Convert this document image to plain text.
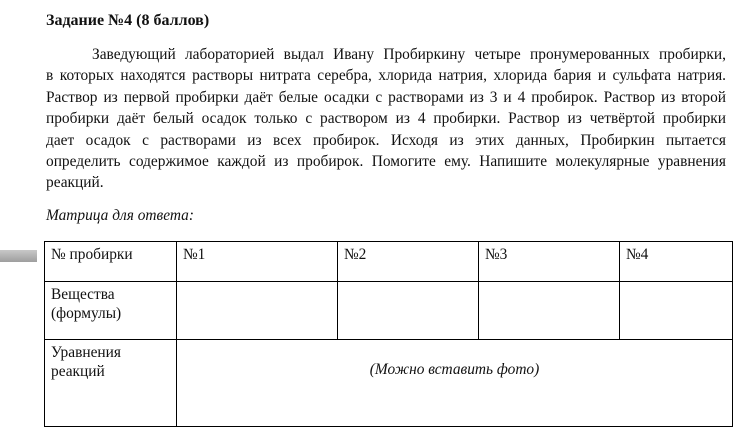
Задание №4 (8 баллов)
Заведующий лабораторией выдал Ивану Пробиркину четыре пронумерованных пробирки,
в которых находятся растворы нитрата серебра, хлорида натрия, хлорида бария и сульфата натрия.
Раствор из первой пробирки даёт белые осадки с растворами из 3 и 4 пробирок. Раствор из второй
пробирки даёт белый осадок только с раствором из 4 пробирки. Раствор из четвёртой пробирки
дает осадок с растворами из всех пробирок. Исходя из этих данных, Пробиркин пытается
определить содержимое каждой из пробирок. Помогите ему. Напишите молекулярные уравнения
реакций.
Матрица для ответа:
№ пробирки	№1	№2	№3	№4
Вещества (формулы)				
Уравнения реакций	(Можно вставить фото)			
